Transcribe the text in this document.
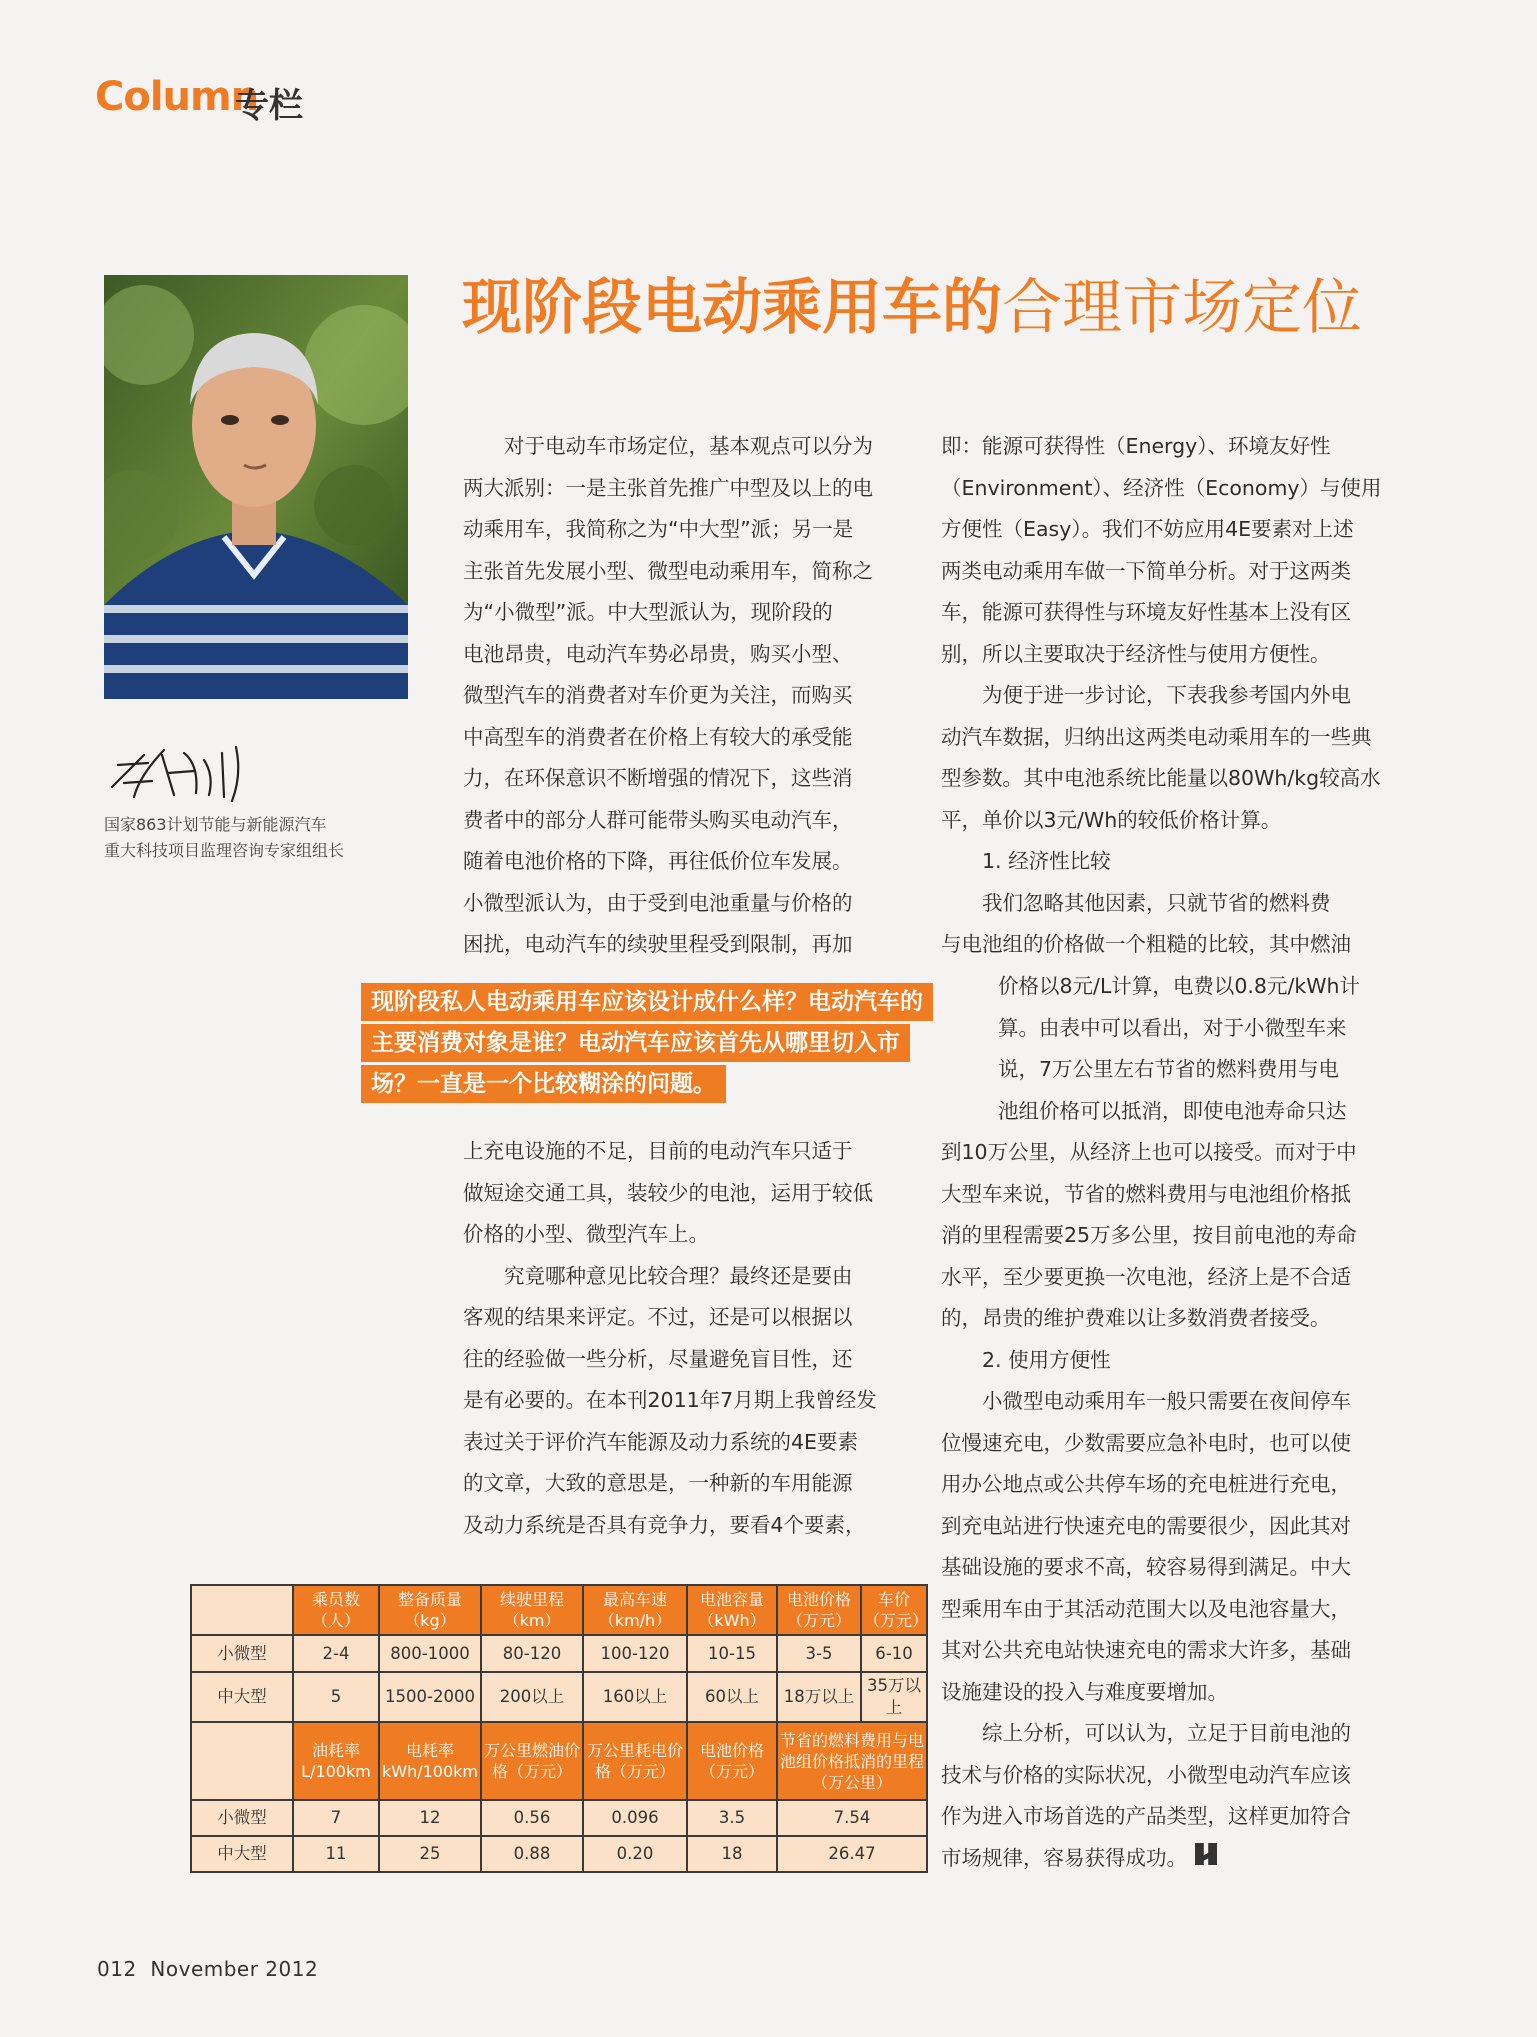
Column
专栏
国家863计划节能与新能源汽车
重大科技项目监理咨询专家组组长
现阶段电动乘用车的合理市场定位

对于电动车市场定位，基本观点可以分为

两大派别：一是主张首先推广中型及以上的电

动乘用车，我简称之为“中大型”派；另一是

主张首先发展小型、微型电动乘用车，简称之

为“小微型”派。中大型派认为，现阶段的

电池昂贵，电动汽车势必昂贵，购买小型、

微型汽车的消费者对车价更为关注，而购买

中高型车的消费者在价格上有较大的承受能

力，在环保意识不断增强的情况下，这些消

费者中的部分人群可能带头购买电动汽车，

随着电池价格的下降，再往低价位车发展。

小微型派认为，由于受到电池重量与价格的

困扰，电动汽车的续驶里程受到限制，再加

现阶段私人电动乘用车应该设计成什么样？电动汽车的
主要消费对象是谁？电动汽车应该首先从哪里切入市
场？一直是一个比较糊涂的问题。

上充电设施的不足，目前的电动汽车只适于

做短途交通工具，装较少的电池，运用于较低

价格的小型、微型汽车上。

究竟哪种意见比较合理？最终还是要由

客观的结果来评定。不过，还是可以根据以

往的经验做一些分析，尽量避免盲目性，还

是有必要的。在本刊2011年7月期上我曾经发

表过关于评价汽车能源及动力系统的4E要素

的文章，大致的意思是，一种新的车用能源

及动力系统是否具有竞争力，要看4个要素，

即：能源可获得性（Energy）、环境友好性

（Environment）、经济性（Economy）与使用

方便性（Easy）。我们不妨应用4E要素对上述

两类电动乘用车做一下简单分析。对于这两类

车，能源可获得性与环境友好性基本上没有区

别，所以主要取决于经济性与使用方便性。

为便于进一步讨论，下表我参考国内外电

动汽车数据，归纳出这两类电动乘用车的一些典

型参数。其中电池系统比能量以80Wh/kg较高水

平，单价以3元/Wh的较低价格计算。

1. 经济性比较

我们忽略其他因素，只就节省的燃料费

与电池组的价格做一个粗糙的比较，其中燃油

价格以8元/L计算，电费以0.8元/kWh计

算。由表中可以看出，对于小微型车来

说，7万公里左右节省的燃料费用与电

池组价格可以抵消，即使电池寿命只达

到10万公里，从经济上也可以接受。而对于中

大型车来说，节省的燃料费用与电池组价格抵

消的里程需要25万多公里，按目前电池的寿命

水平，至少要更换一次电池，经济上是不合适

的，昂贵的维护费难以让多数消费者接受。

2. 使用方便性

小微型电动乘用车一般只需要在夜间停车

位慢速充电，少数需要应急补电时，也可以使

用办公地点或公共停车场的充电桩进行充电，

到充电站进行快速充电的需要很少，因此其对

基础设施的要求不高，较容易得到满足。中大

型乘用车由于其活动范围大以及电池容量大，

其对公共充电站快速充电的需求大许多，基础

设施建设的投入与难度要增加。

综上分析，可以认为，立足于目前电池的

技术与价格的实际状况，小微型电动汽车应该

作为进入市场首选的产品类型，这样更加符合

市场规律，容易获得成功。

	乘员数（人）	整备质量（kg）	续驶里程（km）	最高车速（km/h）	电池容量（kWh）	电池价格（万元）	车价（万元）
小微型	2-4	800-1000	80-120	100-120	10-15	3-5	6-10
中大型	5	1500-2000	200以上	160以上	60以上	18万以上	35万以上
	油耗率 L/100km	电耗率 kWh/100km	万公里燃油价格（万元）	万公里耗电价格（万元）	电池价格（万元）	节省的燃料费用与电池组价格抵消的里程（万公里）	
小微型	7	12	0.56	0.096	3.5	7.54	
中大型	11	25	0.88	0.20	18	26.47	
012 November 2012
